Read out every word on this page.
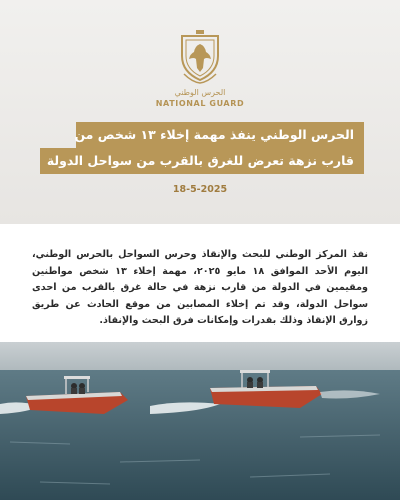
الحرس الوطني
NATIONAL GUARD
الحرس الوطني ينفذ مهمة إخلاء ١٣ شخص من
قارب نزهة تعرض للغرق بالقرب من سواحل الدولة
18-5-2025
نفذ المركز الوطني للبحث والإنقاذ وحرس السواحل بالحرس الوطني، اليوم الأحد الموافق ١٨ مايو ٢٠٢٥، مهمة إخلاء ١٣ شخص مواطنين ومقيمين في الدولة من قارب نزهة في حالة غرق بالقرب من احدى سواحل الدولة، وقد تم إخلاء المصابين من موقع الحادث عن طريق زوارق الإنقاذ وذلك بقدرات وإمكانات فرق البحث والإنقاذ.
